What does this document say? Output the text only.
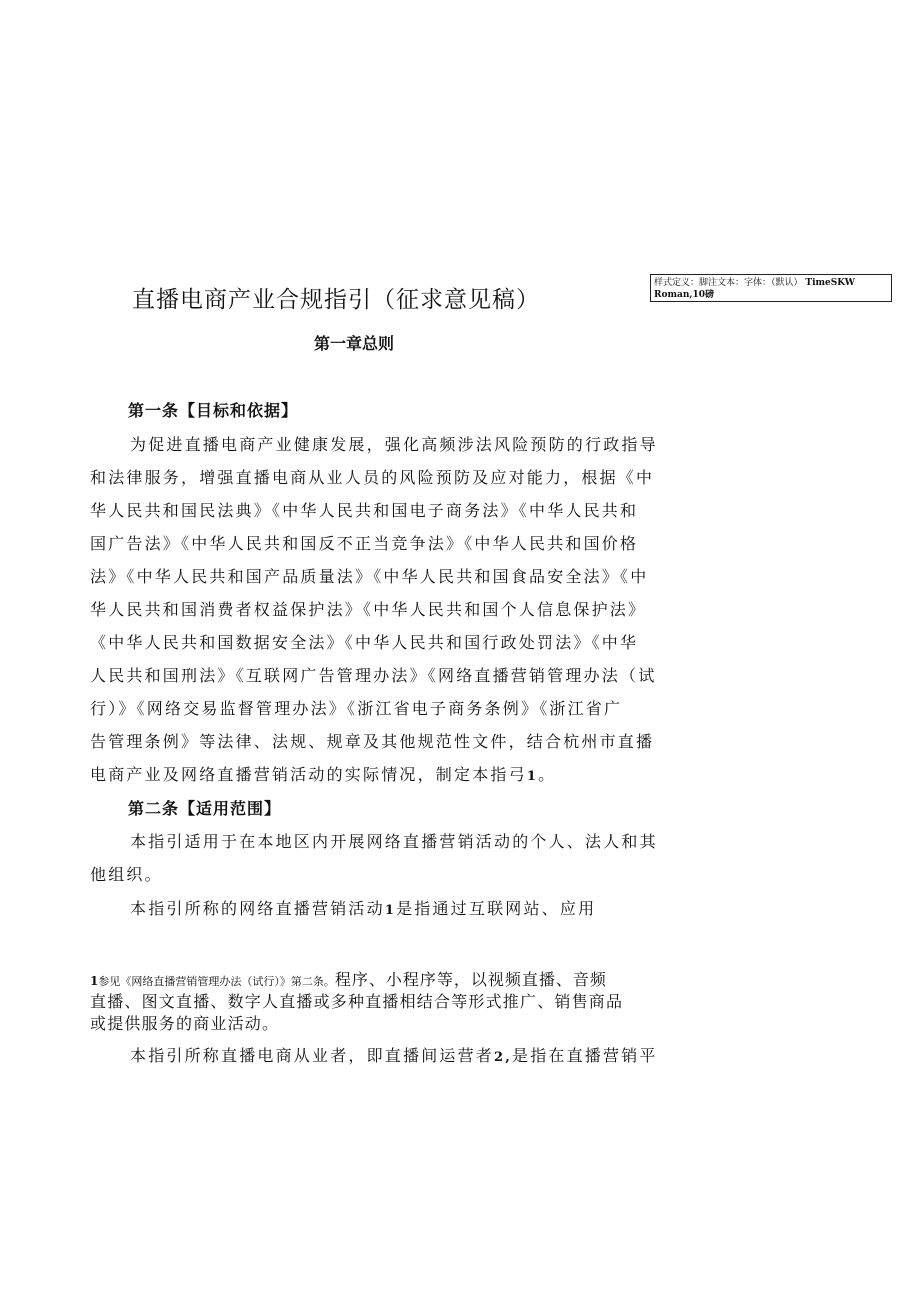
直播电商产业合规指引（征求意见稿）
样式定义：脚注文本：字体：（默认） TimeSKW
Roman,10磅
第一章总则
第一条【目标和依据】
为促进直播电商产业健康发展，强化高频涉法风险预防的行政指导
和法律服务，增强直播电商从业人员的风险预防及应对能力，根据《中
华人民共和国民法典》《中华人民共和国电子商务法》《中华人民共和
国广告法》《中华人民共和国反不正当竞争法》《中华人民共和国价格
法》《中华人民共和国产品质量法》《中华人民共和国食品安全法》《中
华人民共和国消费者权益保护法》《中华人民共和国个人信息保护法》
《中华人民共和国数据安全法》《中华人民共和国行政处罚法》《中华
人民共和国刑法》《互联网广告管理办法》《网络直播营销管理办法（试
行）》《网络交易监督管理办法》《浙江省电子商务条例》《浙江省广
告管理条例》等法律、法规、规章及其他规范性文件，结合杭州市直播
电商产业及网络直播营销活动的实际情况，制定本指弓1。
第二条【适用范围】
本指引适用于在本地区内开展网络直播营销活动的个人、法人和其
他组织。
本指引所称的网络直播营销活动1是指通过互联网站、应用
1参见《网络直播营销管理办法（试行）》第二条。程序、小程序等，以视频直播、音频
直播、图文直播、数字人直播或多种直播相结合等形式推广、销售商品
或提供服务的商业活动。
本指引所称直播电商从业者，即直播间运营者2,是指在直播营销平
